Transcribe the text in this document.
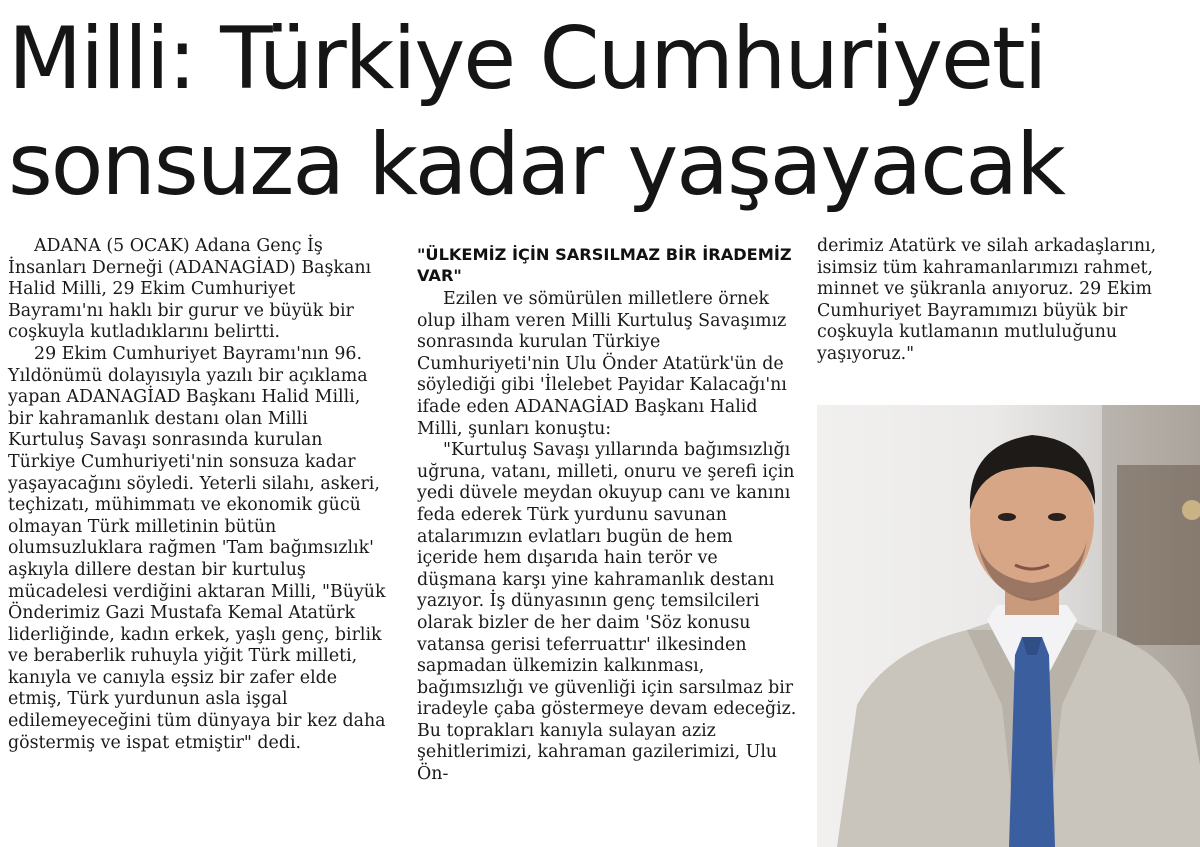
Milli: Türkiye Cumhuriyeti
sonsuza kadar yaşayacak

ADANA (5 OCAK) Adana Genç İş İnsanları Derneği (ADANAGİAD) Başkanı Halid Milli, 29 Ekim Cumhuriyet Bayramı'nı haklı bir gurur ve büyük bir coşkuyla kutladıklarını belirtti.

29 Ekim Cumhuriyet Bayramı'nın 96. Yıldönümü dolayısıyla yazılı bir açıklama yapan ADANAGİAD Başkanı Halid Milli, bir kahramanlık destanı olan Milli Kurtuluş Savaşı sonrasında kurulan Türkiye Cumhuriyeti'nin sonsuza kadar yaşayacağını söyledi. Yeterli silahı, askeri, teçhizatı, mühimmatı ve ekonomik gücü olmayan Türk milletinin bütün olumsuzluklara rağmen 'Tam bağımsızlık' aşkıyla dillere destan bir kurtuluş mücadelesi verdiğini aktaran Milli, "Büyük Önderimiz Gazi Mustafa Kemal Atatürk liderliğinde, kadın erkek, yaşlı genç, birlik ve beraberlik ruhuyla yiğit Türk milleti, kanıyla ve canıyla eşsiz bir zafer elde etmiş, Türk yurdunun asla işgal edilemeyeceğini tüm dünyaya bir kez daha göstermiş ve ispat etmiştir" dedi.

"ÜLKEMİZ İÇİN SARSILMAZ BİR İRADEMİZ VAR"

Ezilen ve sömürülen milletlere örnek olup ilham veren Milli Kurtuluş Savaşımız sonrasında kurulan Türkiye Cumhuriyeti'nin Ulu Önder Atatürk'ün de söylediği gibi 'İlelebet Payidar Kalacağı'nı ifade eden ADANAGİAD Başkanı Halid Milli, şunları konuştu:

"Kurtuluş Savaşı yıllarında bağımsızlığı uğruna, vatanı, milleti, onuru ve şerefi için yedi düvele meydan okuyup canı ve kanını feda ederek Türk yurdunu savunan atalarımızın evlatları bugün de hem içeride hem dışarıda hain terör ve düşmana karşı yine kahramanlık destanı yazıyor. İş dünyasının genç temsilcileri olarak bizler de her daim 'Söz konusu vatansa gerisi teferruattır' ilkesinden sapmadan ülkemizin kalkınması, bağımsızlığı ve güvenliği için sarsılmaz bir iradeyle çaba göstermeye devam edeceğiz. Bu toprakları kanıyla sulayan aziz şehitlerimizi, kahraman gazilerimizi, Ulu Ön-

derimiz Atatürk ve silah arkadaşlarını, isimsiz tüm kahramanlarımızı rahmet, minnet ve şükranla anıyoruz. 29 Ekim Cumhuriyet Bayramımızı büyük bir coşkuyla kutlamanın mutluluğunu yaşıyoruz."
